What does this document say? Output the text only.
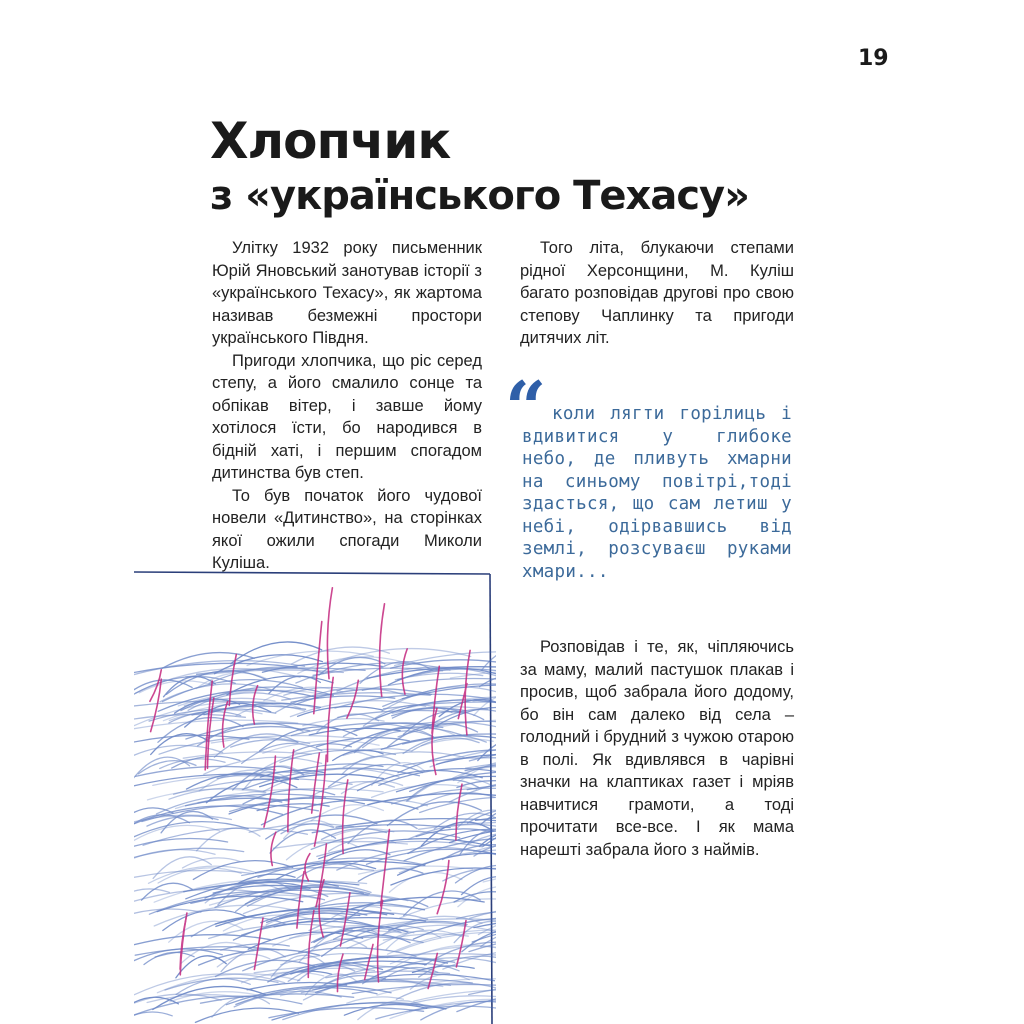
19
Хлопчик
з «українського Техасу»

Улітку 1932 року письменник Юрій Яновський занотував історії з «українського Техасу», як жартома називав безмежні простори українського Півдня.

Пригоди хлопчика, що ріс серед степу, а його смалило сонце та обпікав вітер, і завше йому хотілося їсти, бо народився в бідній хаті, і першим спогадом дитинства був степ.

То був початок його чудової новели «Дитинство», на сторінках якої ожили спогади Миколи Куліша.

Того літа, блукаючи степами рідної Херсонщини, М. Куліш багато розповідав другові про свою степову Чаплинку та пригоди дитячих літ.

“ коли лягти горілиць і вдивитися у глибоке небо, де пливуть хмарни на синьому повітрі,тоді здасться, що сам летиш у небі, одірвавшись від землі, розсуваєш руками хмари...

Розповідав і те, як, чіпляючись за маму, малий пастушок плакав і просив, щоб забрала його додому, бо він сам далеко від села – голодний і брудний з чужою отарою в полі. Як вдивлявся в чарівні значки на клаптиках газет і мріяв навчитися грамоти, а тоді прочитати все-все. І як мама нарешті забрала його з наймів.
